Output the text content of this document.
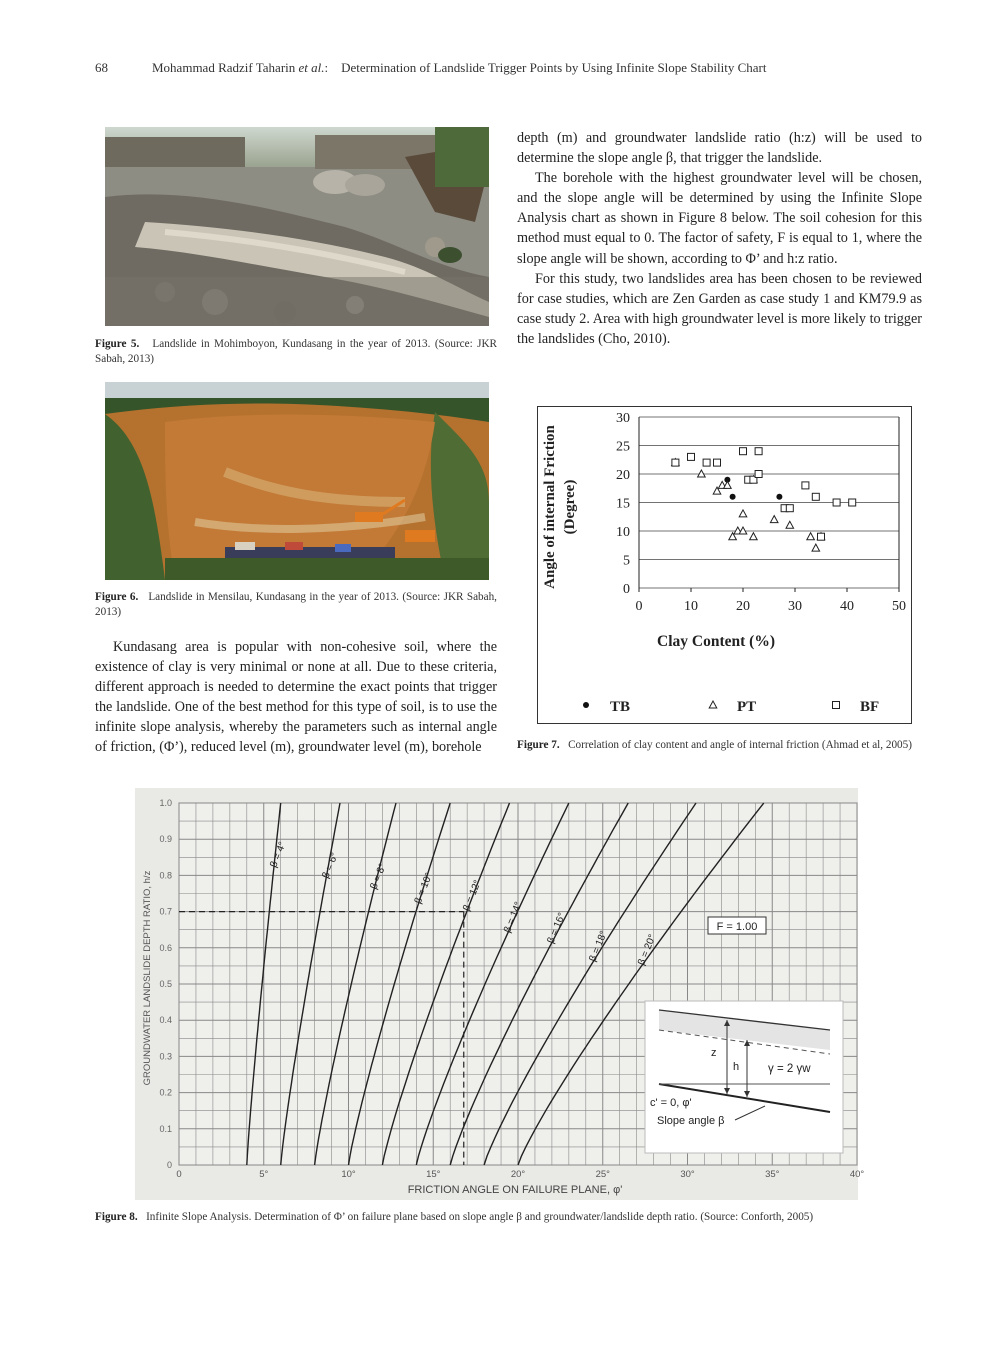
68	Mohammad Radzif Taharin et al.:    Determination of Landslide Trigger Points by Using Infinite Slope Stability Chart
Figure 5. Landslide in Mohimboyon, Kundasang in the year of 2013. (Source: JKR Sabah, 2013)
Figure 6. Landslide in Mensilau, Kundasang in the year of 2013. (Source: JKR Sabah, 2013)

Kundasang area is popular with non-cohesive soil, where the existence of clay is very minimal or none at all. Due to these criteria, different approach is needed to determine the exact points that trigger the landslide. One of the best method for this type of soil, is to use the infinite slope analysis, whereby the parameters such as internal angle of friction, (Φ’), reduced level (m), groundwater level (m), borehole

depth (m) and groundwater landslide ratio (h:z) will be used to determine the slope angle β, that trigger the landslide.

The borehole with the highest groundwater level will be chosen, and the slope angle will be determined by using the Infinite Slope Analysis chart as shown in Figure 8 below. The soil cohesion for this method must equal to 0. The factor of safety, F is equal to 1, where the slope angle will be shown, according to Φ’ and h:z ratio.

For this study, two landslides area has been chosen to be reviewed for case studies, which are Zen Garden as case study 1 and KM79.9 as case study 2. Area with high groundwater level is more likely to trigger the landslides (Cho, 2010).

0
5
10
15
20
25
30
0	10	20	30	40	50
Angle of internal Friction (Degree)
Clay Content (%)
TB	PT	BF
Figure 7. Correlation of clay content and angle of internal friction (Ahmad et al, 2005)
0
0.1
0.2
0.3
0.4
0.5
0.6
0.7
0.8
0.9
1.0
0	5°	10°	15°	20°	25°	30°	35°	40°
β = 4°	β = 6°	β = 8° β = 10°	β = 12°
β = 14° β = 16°
β = 18°	β = 20°
GROUNDWATER LANDSLIDE DEPTH RATIO, h/z
FRICTION ANGLE ON FAILURE PLANE, φ'
F = 1.00
z
h	γ = 2 γw
c' = 0, φ'
Slope angle β
Figure 8. Infinite Slope Analysis. Determination of Φ’ on failure plane based on slope angle β and groundwater/landslide depth ratio. (Source: Conforth, 2005)
